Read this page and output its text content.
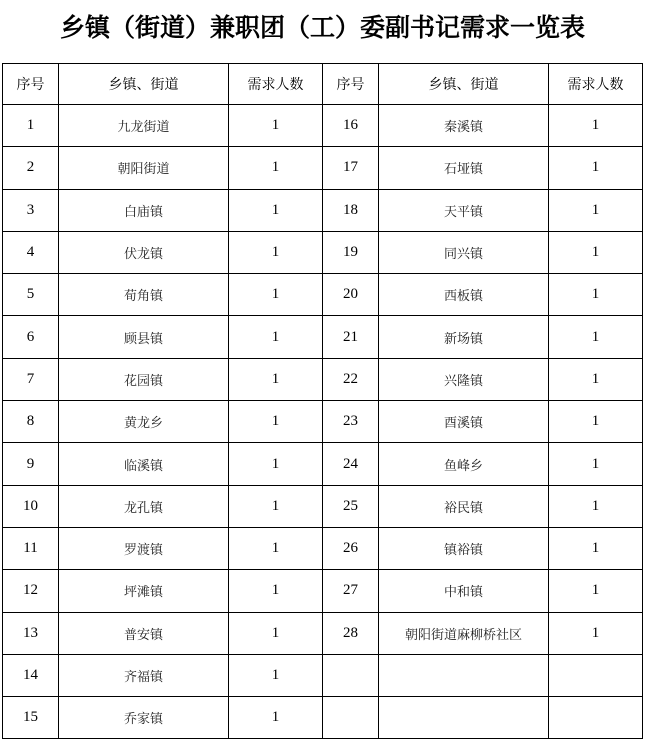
乡镇（街道）兼职团（工）委副书记需求一览表
序号	乡镇、街道	需求人数	序号	乡镇、街道	需求人数
1	九龙街道	1	16	秦溪镇	1
2	朝阳街道	1	17	石垭镇	1
3	白庙镇	1	18	天平镇	1
4	伏龙镇	1	19	同兴镇	1
5	荀角镇	1	20	西板镇	1
6	顾县镇	1	21	新场镇	1
7	花园镇	1	22	兴隆镇	1
8	黄龙乡	1	23	酉溪镇	1
9	临溪镇	1	24	鱼峰乡	1
10	龙孔镇	1	25	裕民镇	1
11	罗渡镇	1	26	镇裕镇	1
12	坪滩镇	1	27	中和镇	1
13	普安镇	1	28	朝阳街道麻柳桥社区	1
14	齐福镇	1			
15	乔家镇	1			
